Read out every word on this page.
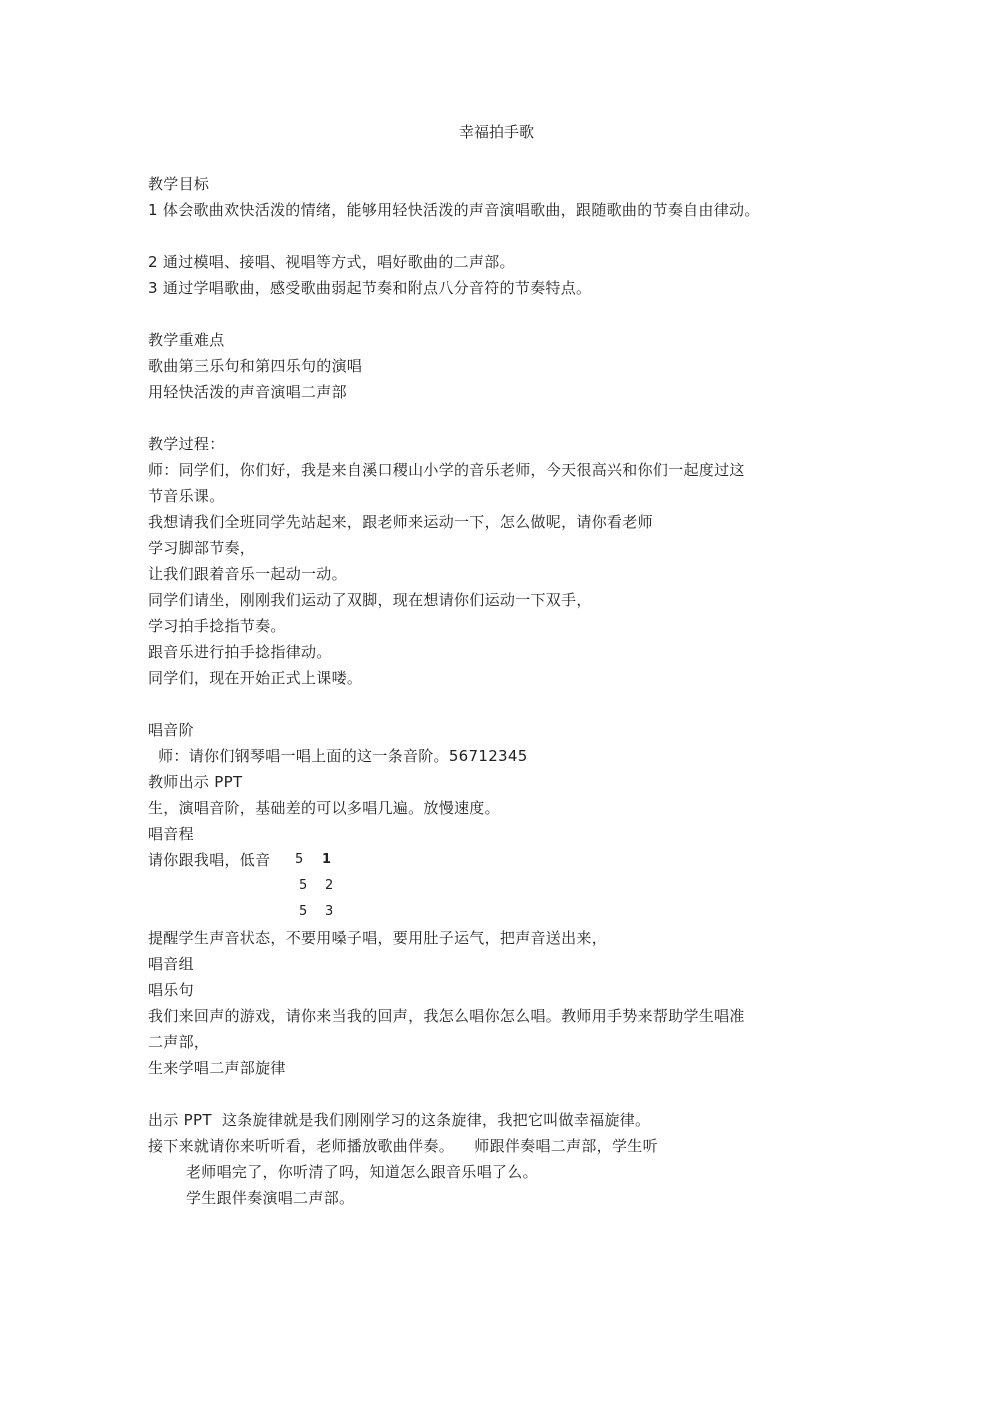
幸福拍手歌
教学目标
1 体会歌曲欢快活泼的情绪，能够用轻快活泼的声音演唱歌曲，跟随歌曲的节奏自由律动。
2 通过模唱、接唱、视唱等方式，唱好歌曲的二声部。
3 通过学唱歌曲，感受歌曲弱起节奏和附点八分音符的节奏特点。
教学重难点
歌曲第三乐句和第四乐句的演唱
用轻快活泼的声音演唱二声部
教学过程：
师：同学们，你们好，我是来自溪口稷山小学的音乐老师，今天很高兴和你们一起度过这
节音乐课。
我想请我们全班同学先站起来，跟老师来运动一下，怎么做呢，请你看老师
学习脚部节奏，
让我们跟着音乐一起动一动。
同学们请坐，刚刚我们运动了双脚，现在想请你们运动一下双手，
学习拍手捻指节奏。
跟音乐进行拍手捻指律动。
同学们，现在开始正式上课喽。
唱音阶
师：请你们钢琴唱一唱上面的这一条音阶。56712345
教师出示 PPT
生，演唱音阶，基础差的可以多唱几遍。放慢速度。
唱音程
请你跟我唱，低音 5 1
5 2
5 3
提醒学生声音状态，不要用嗓子唱，要用肚子运气，把声音送出来，
唱音组
唱乐句
我们来回声的游戏，请你来当我的回声，我怎么唱你怎么唱。教师用手势来帮助学生唱准
二声部，
生来学唱二声部旋律
出示 PPT  这条旋律就是我们刚刚学习的这条旋律，我把它叫做幸福旋律。
接下来就请你来听听看，老师播放歌曲伴奏。    师跟伴奏唱二声部，学生听
老师唱完了，你听清了吗，知道怎么跟音乐唱了么。
学生跟伴奏演唱二声部。
